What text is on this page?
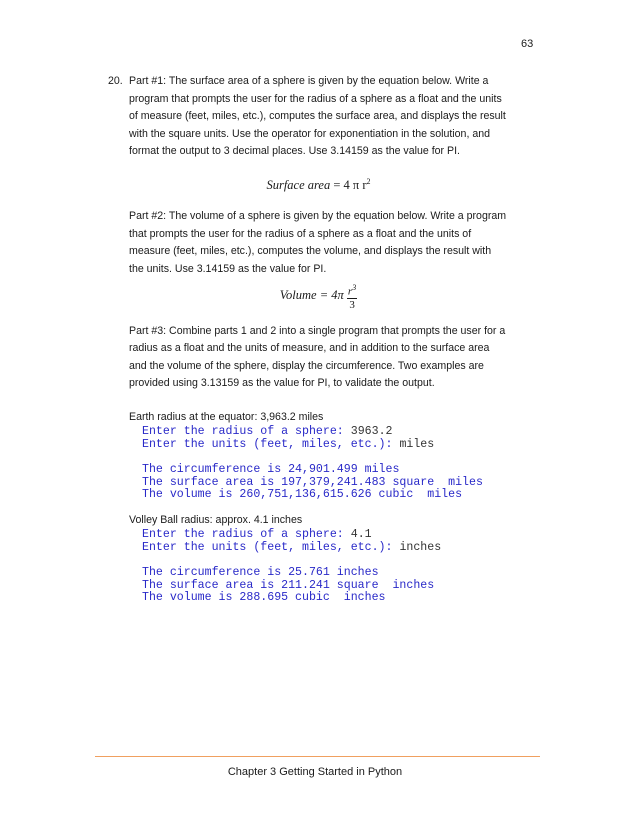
63
20. Part #1: The surface area of a sphere is given by the equation below. Write a program that prompts the user for the radius of a sphere as a float and the units of measure (feet, miles, etc.), computes the surface area, and displays the result with the square units. Use the operator for exponentiation in the solution, and format the output to 3 decimal places. Use 3.14159 as the value for PI.

Surface area = 4 π $r^2$

Part #2: The volume of a sphere is given by the equation below. Write a program that prompts the user for the radius of a sphere as a float and the units of measure (feet, miles, etc.), computes the volume, and displays the result with the units. Use 3.14159 as the value for PI.

Volume = $4\pi \frac{r^3}{3}$

Part #3: Combine parts 1 and 2 into a single program that prompts the user for a radius as a float and the units of measure, and in addition to the surface area and the volume of the sphere, display the circumference. Two examples are provided using 3.13159 as the value for PI, to validate the output.

Earth radius at the equator: 3,963.2 miles

Enter the radius of a sphere: 3963.2
Enter the units (feet, miles, etc.): miles
The circumference is 24,901.499 miles
The surface area is 197,379,241.483 square  miles
The volume is 260,751,136,615.626 cubic  miles

Volley Ball radius: approx. 4.1 inches

Enter the radius of a sphere: 4.1
Enter the units (feet, miles, etc.): inches
The circumference is 25.761 inches
The surface area is 211.241 square  inches
The volume is 288.695 cubic  inches
Chapter 3 Getting Started in Python
